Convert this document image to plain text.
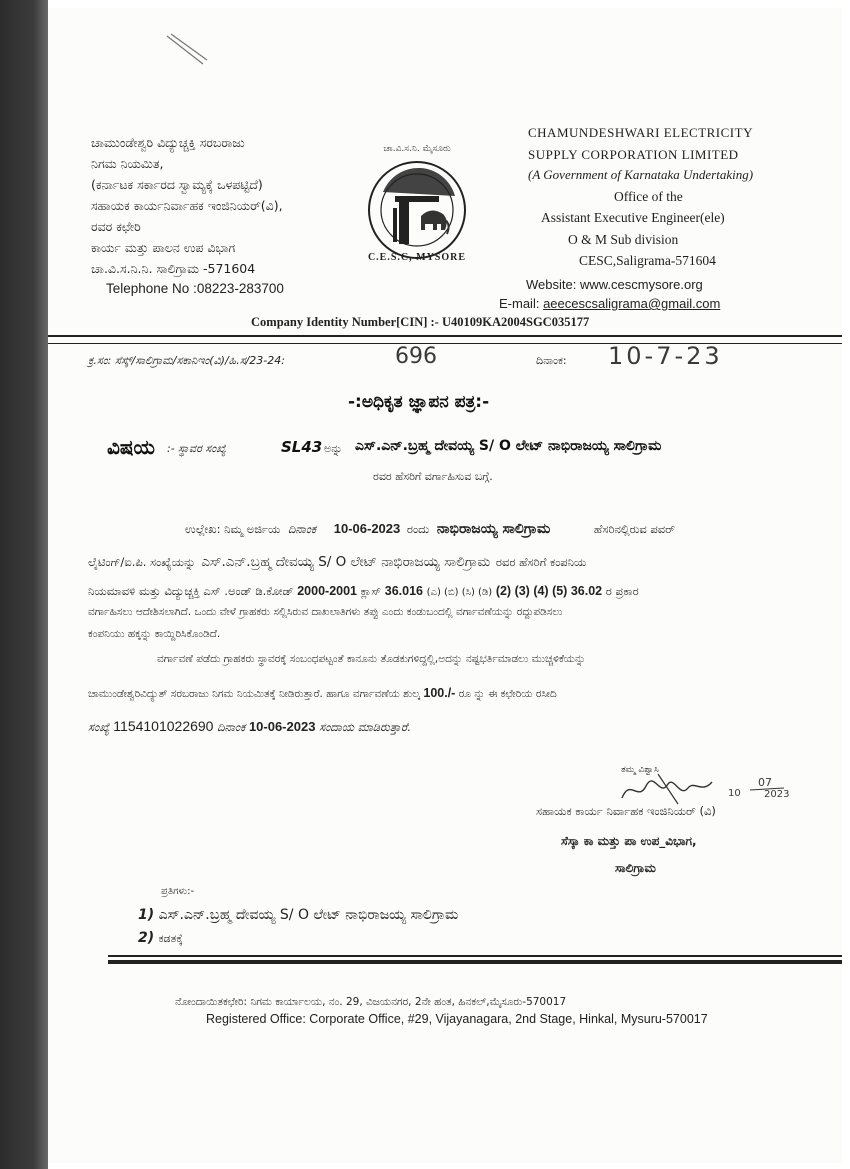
ಚಾಮುಂಡೇಶ್ವರಿ ವಿದ್ಯುಚ್ಚಕ್ತಿ ಸರಬರಾಜು
ನಿಗಮ ನಿಯಮಿತ,
(ಕರ್ನಾಟಕ ಸರ್ಕಾರದ ಸ್ವಾಮ್ಯಕ್ಕೆ ಒಳಪಟ್ಟಿದೆ)
ಸಹಾಯಕ ಕಾರ್ಯನಿರ್ವಾಹಕ ಇಂಜಿನಿಯರ್(ವಿ),
ರವರ ಕಛೇರಿ
ಕಾರ್ಯ ಮತ್ತು ಪಾಲನ ಉಪ ವಿಭಾಗ
ಚಾ.ವಿ.ಸ.ನಿ.ನಿ. ಸಾಲಿಗ್ರಾಮ -571604
Telephone No :08223-283700
ಚಾ.ವಿ.ಸ.ನಿ. ಮೈಸೂರು
C.E.S.C, MYSORE
CHAMUNDESHWARI ELECTRICITY
SUPPLY CORPORATION LIMITED
(A Government of Karnataka Undertaking)
Office of the
Assistant Executive Engineer(ele)
O & M Sub division
CESC,Saligrama-571604
Website: www.cescmysore.org
E-mail: aeecescsaligrama@gmail.com
Company Identity Number[CIN] :- U40109KA2004SGC035177
ಕ್ರ.ಸಂ: ಸೆಸ್ಕ್/ಸಾಲಿಗ್ರಾಮ/ಸಕಾನಿಇಂ(ವಿ)/ಹಿ.ಸ/23-24:	696	ದಿನಾಂಕ: 10-7-23
-:ಅಧಿಕೃತ ಜ್ಞಾಪನ ಪತ್ರ:-
ವಿಷಯ :- ಸ್ಥಾವರ ಸಂಖ್ಯೆ	SL43 ಅನ್ನು ಎಸ್.ಎನ್.ಬ್ರಹ್ಮ ದೇವಯ್ಯ S/ O ಲೇಟ್ ನಾಭಿರಾಜಯ್ಯ ಸಾಲಿಗ್ರಾಮ
ರವರ ಹೆಸರಿಗೆ ವರ್ಗಾಹಿಸುವ ಬಗ್ಗೆ.
ಉಲ್ಲೇಖ: ನಿಮ್ಮ ಅರ್ಜಿಯ ದಿನಾಂಕ 10-06-2023 ರಂದು ನಾಭಿರಾಜಯ್ಯ ಸಾಲಿಗ್ರಾಮ	ಹೆಸರಿನಲ್ಲಿರುವ ಪವರ್
ಲೈಟಿಂಗ್/ಐ.ಪಿ. ಸಂಖ್ಯೆಯನ್ನು ಎಸ್.ಎನ್.ಬ್ರಹ್ಮ ದೇವಯ್ಯ S/ O ಲೇಟ್ ನಾಭಿರಾಜಯ್ಯ ಸಾಲಿಗ್ರಾಮ ರವರ ಹೆಸರಿಗೆ ಕಂಪನಿಯ
ನಿಯಮಾವಳಿ ಮತ್ತು ವಿದ್ಯುಚ್ಚಕ್ತಿ ಎಸ್ .ಅಂಡ್ ಡಿ.ಕೋಡ್ 2000-2001 ಕ್ಲಾಸ್ 36.016 (ಎ) (ಬಿ) (ಸಿ) (ಡಿ) (2) (3) (4) (5) 36.02 ರ ಪ್ರಕಾರ
ವರ್ಗಾಹಿಸಲು ಆದೇಶಿಸಲಾಗಿದೆ. ಒಂದು ವೇಳೆ ಗ್ರಾಹಕರು ಸಲ್ಲಿಸಿರುವ ದಾಖಲಾತಿಗಳು ತಪ್ಪು ಎಂದು ಕಂಡುಬಂದಲ್ಲಿ ವರ್ಗಾವಣೆಯನ್ನು ರದ್ದುಪಡಿಸಲು
ಕಂಪನಿಯು ಹಕ್ಕನ್ನು ಕಾಯ್ದಿರಿಸಿಕೊಂಡಿದೆ.
ವರ್ಗಾವಣೆ ಪಡೆದು ಗ್ರಾಹಕರು ಸ್ಥಾವರಕ್ಕೆ ಸಂಬಂಧಪಟ್ಟಂತೆ ಕಾನೂನು ತೊಡಕುಗಳಿದ್ದಲ್ಲಿ,ಅದನ್ನು ನಷ್ಟಭರ್ತಿಮಾಡಲು ಮುಚ್ಚಳಿಕೆಯನ್ನು
ಚಾಮುಂಡೇಶ್ವರಿವಿದ್ಯುತ್ ಸರಬರಾಜು ನಿಗಮ ನಿಯಮಿತಕ್ಕೆ ನೀಡಿರುತ್ತಾರೆ. ಹಾಗೂ ವರ್ಗಾವಣೆಯ ಶುಲ್ಕ 100./- ರೂ ನ್ನು ಈ ಕಛೇರಿಯ ರಸೀದಿ
ಸಂಖ್ಯೆ 1154101022690 ದಿನಾಂಕ 10-06-2023 ಸಂದಾಯ ಮಾಡಿರುತ್ತಾರೆ.
ತಮ್ಮ ವಿಶ್ವಾಸಿ
10
07
2023
ಸಹಾಯಕ ಕಾರ್ಯ ನಿರ್ವಾಹಕ ಇಂಜಿನಿಯರ್ (ವಿ)
ಸೆಸ್ಕಾ ಕಾ ಮತ್ತು ಪಾ ಉಪ_ವಿಭಾಗ,
ಸಾಲಿಗ್ರಾಮ
ಪ್ರತಿಗಳು:-
1) ಎಸ್.ಎನ್.ಬ್ರಹ್ಮ ದೇವಯ್ಯ S/ O ಲೇಟ್ ನಾಭಿರಾಜಯ್ಯ ಸಾಲಿಗ್ರಾಮ
2) ಕಡತಕ್ಕೆ
ನೋಂದಾಯಿತಕಛೇರಿ: ನಿಗಮ ಕಾರ್ಯಾಲಯ, ನಂ. 29, ವಿಜಯನಗರ, 2ನೇ ಹಂತ, ಹಿನಕಲ್,ಮೈಸೂರು-570017
Registered Office: Corporate Office, #29, Vijayanagara, 2nd Stage, Hinkal, Mysuru-570017
